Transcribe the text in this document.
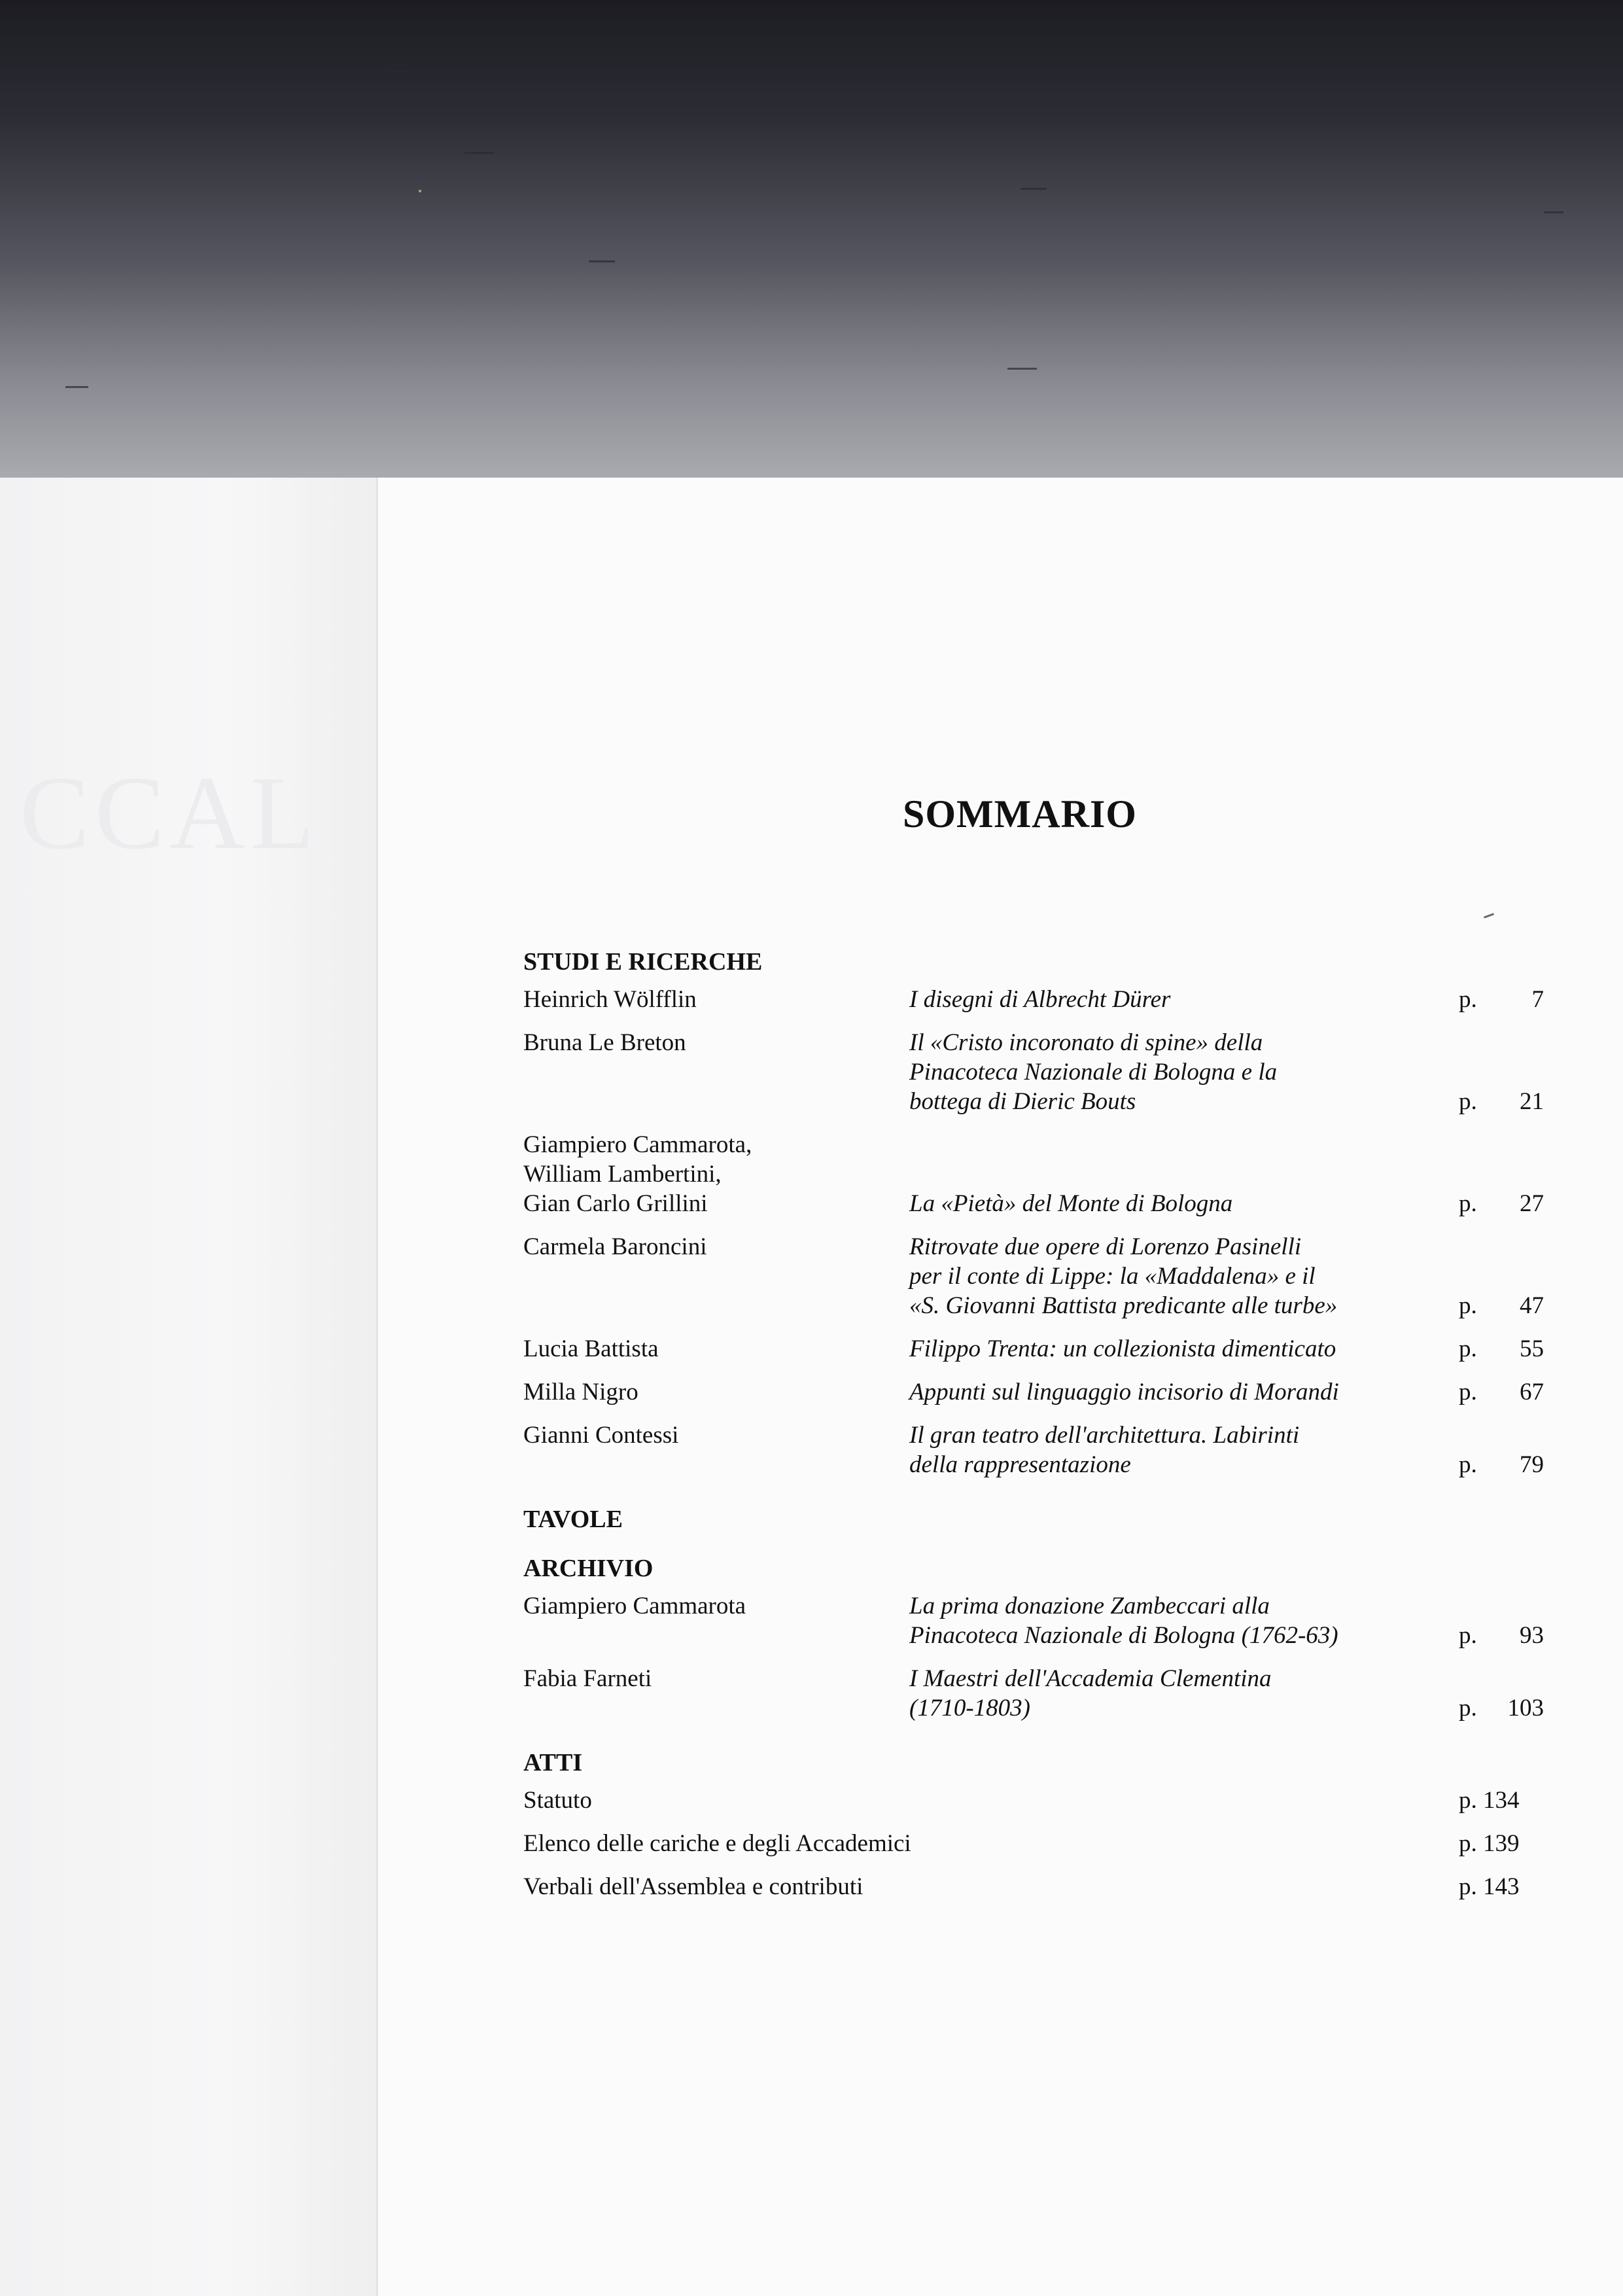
CCAL	SOMMARIO
STUDI E RICERCHE
Heinrich Wölfflin	I disegni di Albrecht Dürer	p.	7
Bruna Le Breton	Il «Cristo incoronato di spine» della
Pinacoteca Nazionale di Bologna e la
bottega di Dieric Bouts	p.	21
Giampiero Cammarota,
William Lambertini,
Gian Carlo Grillini	La «Pietà» del Monte di Bologna	p.	27
Carmela Baroncini	Ritrovate due opere di Lorenzo Pasinelli
per il conte di Lippe: la «Maddalena» e il
«S. Giovanni Battista predicante alle turbe»	p.	47
Lucia Battista	Filippo Trenta: un collezionista dimenticato	p.	55
Milla Nigro	Appunti sul linguaggio incisorio di Morandi	p.	67
Gianni Contessi	Il gran teatro dell'architettura. Labirinti
della rappresentazione	p.	79
TAVOLE
ARCHIVIO
Giampiero Cammarota	La prima donazione Zambeccari alla
Pinacoteca Nazionale di Bologna (1762-63)	p.	93
Fabia Farneti	I Maestri dell'Accademia Clementina
(1710-1803)	p.	103
ATTI
Statuto	p. 134
Elenco delle cariche e degli Accademici	p. 139
Verbali dell'Assemblea e contributi	p. 143
